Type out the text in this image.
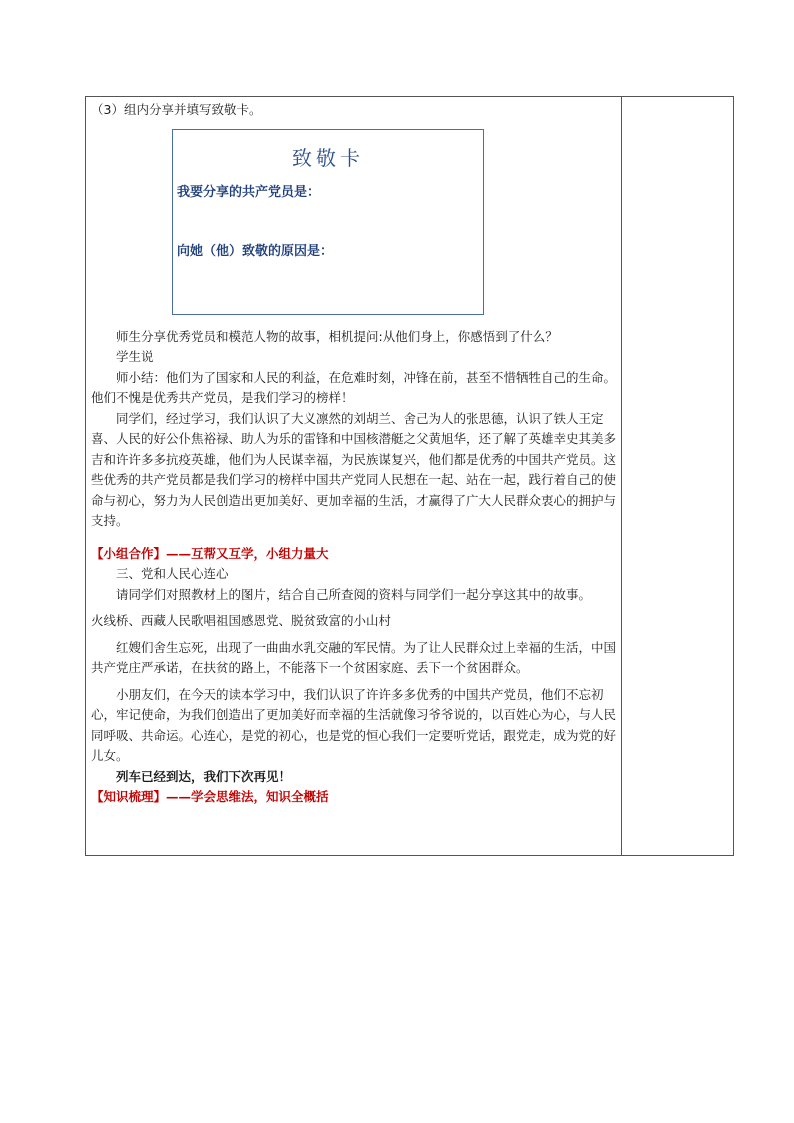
（3）组内分享并填写致敬卡。

致敬卡
我要分享的共产党员是：
向她（他）致敬的原因是：

师生分享优秀党员和模范人物的故事，相机提问:从他们身上，你感悟到了什么？

学生说

师小结：他们为了国家和人民的利益，在危难时刻，冲锋在前，甚至不惜牺牲自己的生命。他们不愧是优秀共产党员，是我们学习的榜样！

同学们，经过学习，我们认识了大义凛然的刘胡兰、舍己为人的张思德，认识了铁人王定喜、人民的好公仆焦裕禄、助人为乐的雷锋和中国核潜艇之父黄旭华，还了解了英雄幸史其美多吉和许许多多抗疫英雄，他们为人民谋幸福，为民族谋复兴，他们都是优秀的中国共产党员。这些优秀的共产党员都是我们学习的榜样中国共产党同人民想在一起、站在一起，践行着自己的使命与初心，努力为人民创造出更加美好、更加幸福的生活，才赢得了广大人民群众衷心的拥护与支持。

【小组合作】——互帮又互学，小组力量大

三、党和人民心连心

请同学们对照教材上的图片，结合自己所查阅的资料与同学们一起分享这其中的故事。

火线桥、西藏人民歌唱祖国感恩党、脱贫致富的小山村

红嫂们舍生忘死，出现了一曲曲水乳交融的军民情。为了让人民群众过上幸福的生活，中国共产党庄严承诺，在扶贫的路上，不能落下一个贫困家庭、丢下一个贫困群众。

小朋友们，在今天的读本学习中，我们认识了许许多多优秀的中国共产党员，他们不忘初心，牢记使命，为我们创造出了更加美好而幸福的生活就像习爷爷说的，以百姓心为心，与人民同呼吸、共命运。心连心，是党的初心，也是党的恒心我们一定要听党话，跟党走，成为党的好儿女。

列车已经到达，我们下次再见！

【知识梳理】——学会思维法，知识全概括
